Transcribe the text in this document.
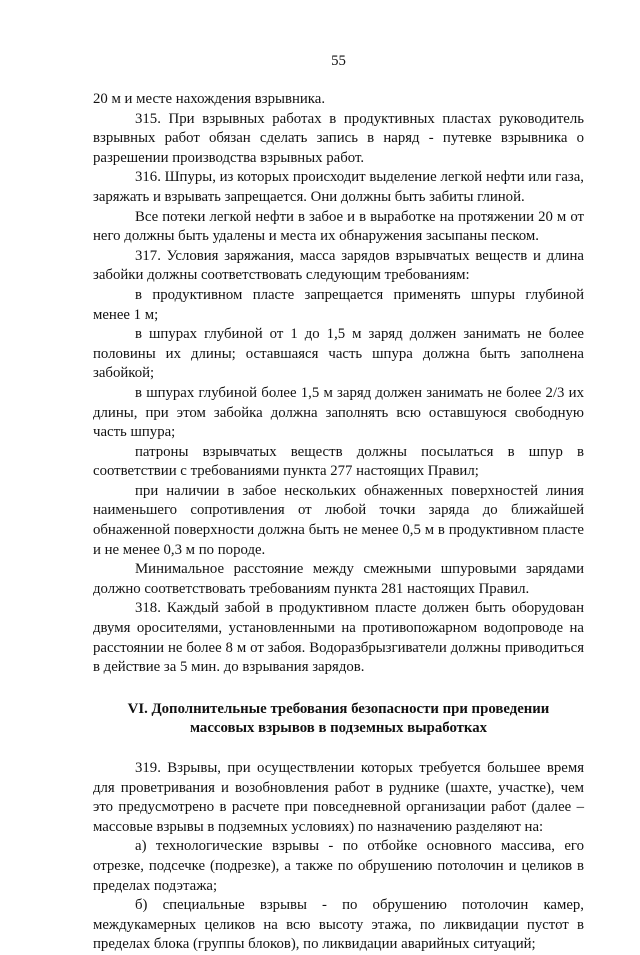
55

20 м и месте нахождения взрывника.

315. При взрывных работах в продуктивных пластах руководитель взрывных работ обязан сделать запись в наряд - путевке взрывника о разрешении производства взрывных работ.

316. Шпуры, из которых происходит выделение легкой нефти или газа, заряжать и взрывать запрещается. Они должны быть забиты глиной.

Все потеки легкой нефти в забое и в выработке на протяжении 20 м от него должны быть удалены и места их обнаружения засыпаны песком.

317. Условия заряжания, масса зарядов взрывчатых веществ и длина забойки должны соответствовать следующим требованиям:

в продуктивном пласте запрещается применять шпуры глубиной менее 1 м;

в шпурах глубиной от 1 до 1,5 м заряд должен занимать не более половины их длины; оставшаяся часть шпура должна быть заполнена забойкой;

в шпурах глубиной более 1,5 м заряд должен занимать не более 2/3 их длины, при этом забойка должна заполнять всю оставшуюся свободную часть шпура;

патроны взрывчатых веществ должны посылаться в шпур в соответствии с требованиями пункта 277 настоящих Правил;

при наличии в забое нескольких обнаженных поверхностей линия наименьшего сопротивления от любой точки заряда до ближайшей обнаженной поверхности должна быть не менее 0,5 м в продуктивном пласте и не менее 0,3 м по породе.

Минимальное расстояние между смежными шпуровыми зарядами должно соответствовать требованиям пункта 281 настоящих Правил.

318. Каждый забой в продуктивном пласте должен быть оборудован двумя оросителями, установленными на противопожарном водопроводе на расстоянии не более 8 м от забоя. Водоразбрызгиватели должны приводиться в действие за 5 мин. до взрывания зарядов.

VI. Дополнительные требования безопасности при проведении
массовых взрывов в подземных выработках

319. Взрывы, при осуществлении которых требуется большее время для проветривания и возобновления работ в руднике (шахте, участке), чем это предусмотрено в расчете при повседневной организации работ (далее – массовые взрывы в подземных условиях) по назначению разделяют на:

а) технологические взрывы - по отбойке основного массива, его отрезке, подсечке (подрезке), а также по обрушению потолочин и целиков в пределах подэтажа;

б) специальные взрывы - по обрушению потолочин камер, междукамерных целиков на всю высоту этажа, по ликвидации пустот в пределах блока (группы блоков), по ликвидации аварийных ситуаций;
